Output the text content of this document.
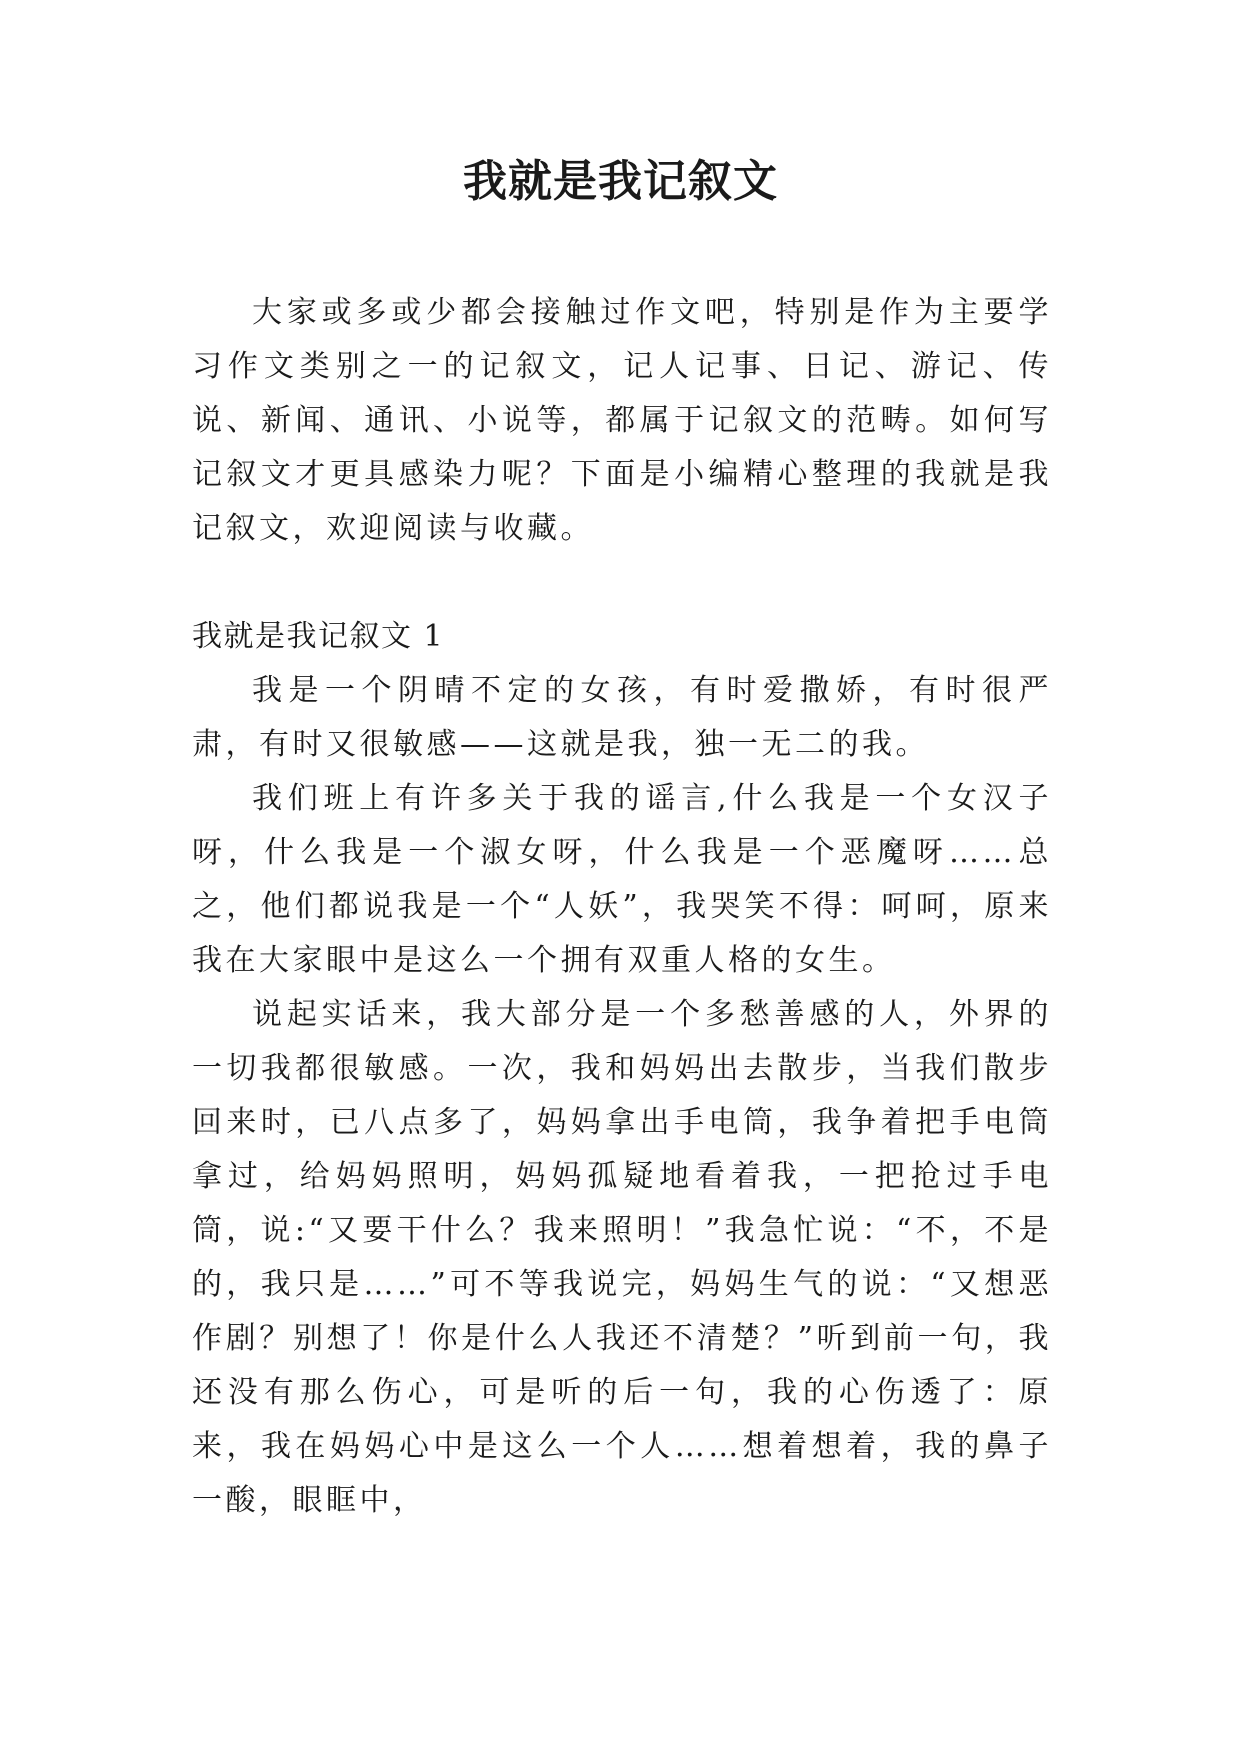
我就是我记叙文

大家或多或少都会接触过作文吧，特别是作为主要学习作文类别之一的记叙文，记人记事、日记、游记、传说、新闻、通讯、小说等，都属于记叙文的范畴。如何写记叙文才更具感染力呢？下面是小编精心整理的我就是我记叙文，欢迎阅读与收藏。

我就是我记叙文 1

我是一个阴晴不定的女孩，有时爱撒娇，有时很严肃，有时又很敏感——这就是我，独一无二的我。

我们班上有许多关于我的谣言,什么我是一个女汉子呀，什么我是一个淑女呀，什么我是一个恶魔呀……总之，他们都说我是一个“人妖”，我哭笑不得：呵呵，原来我在大家眼中是这么一个拥有双重人格的女生。

说起实话来，我大部分是一个多愁善感的人，外界的一切我都很敏感。一次，我和妈妈出去散步，当我们散步回来时，已八点多了，妈妈拿出手电筒，我争着把手电筒拿过，给妈妈照明，妈妈孤疑地看着我，一把抢过手电筒，说:“又要干什么？我来照明！”我急忙说：“不，不是的，我只是……”可不等我说完，妈妈生气的说：“又想恶作剧？别想了！你是什么人我还不清楚？”听到前一句，我还没有那么伤心，可是听的后一句，我的心伤透了：原来，我在妈妈心中是这么一个人……想着想着，我的鼻子一酸，眼眶中，
